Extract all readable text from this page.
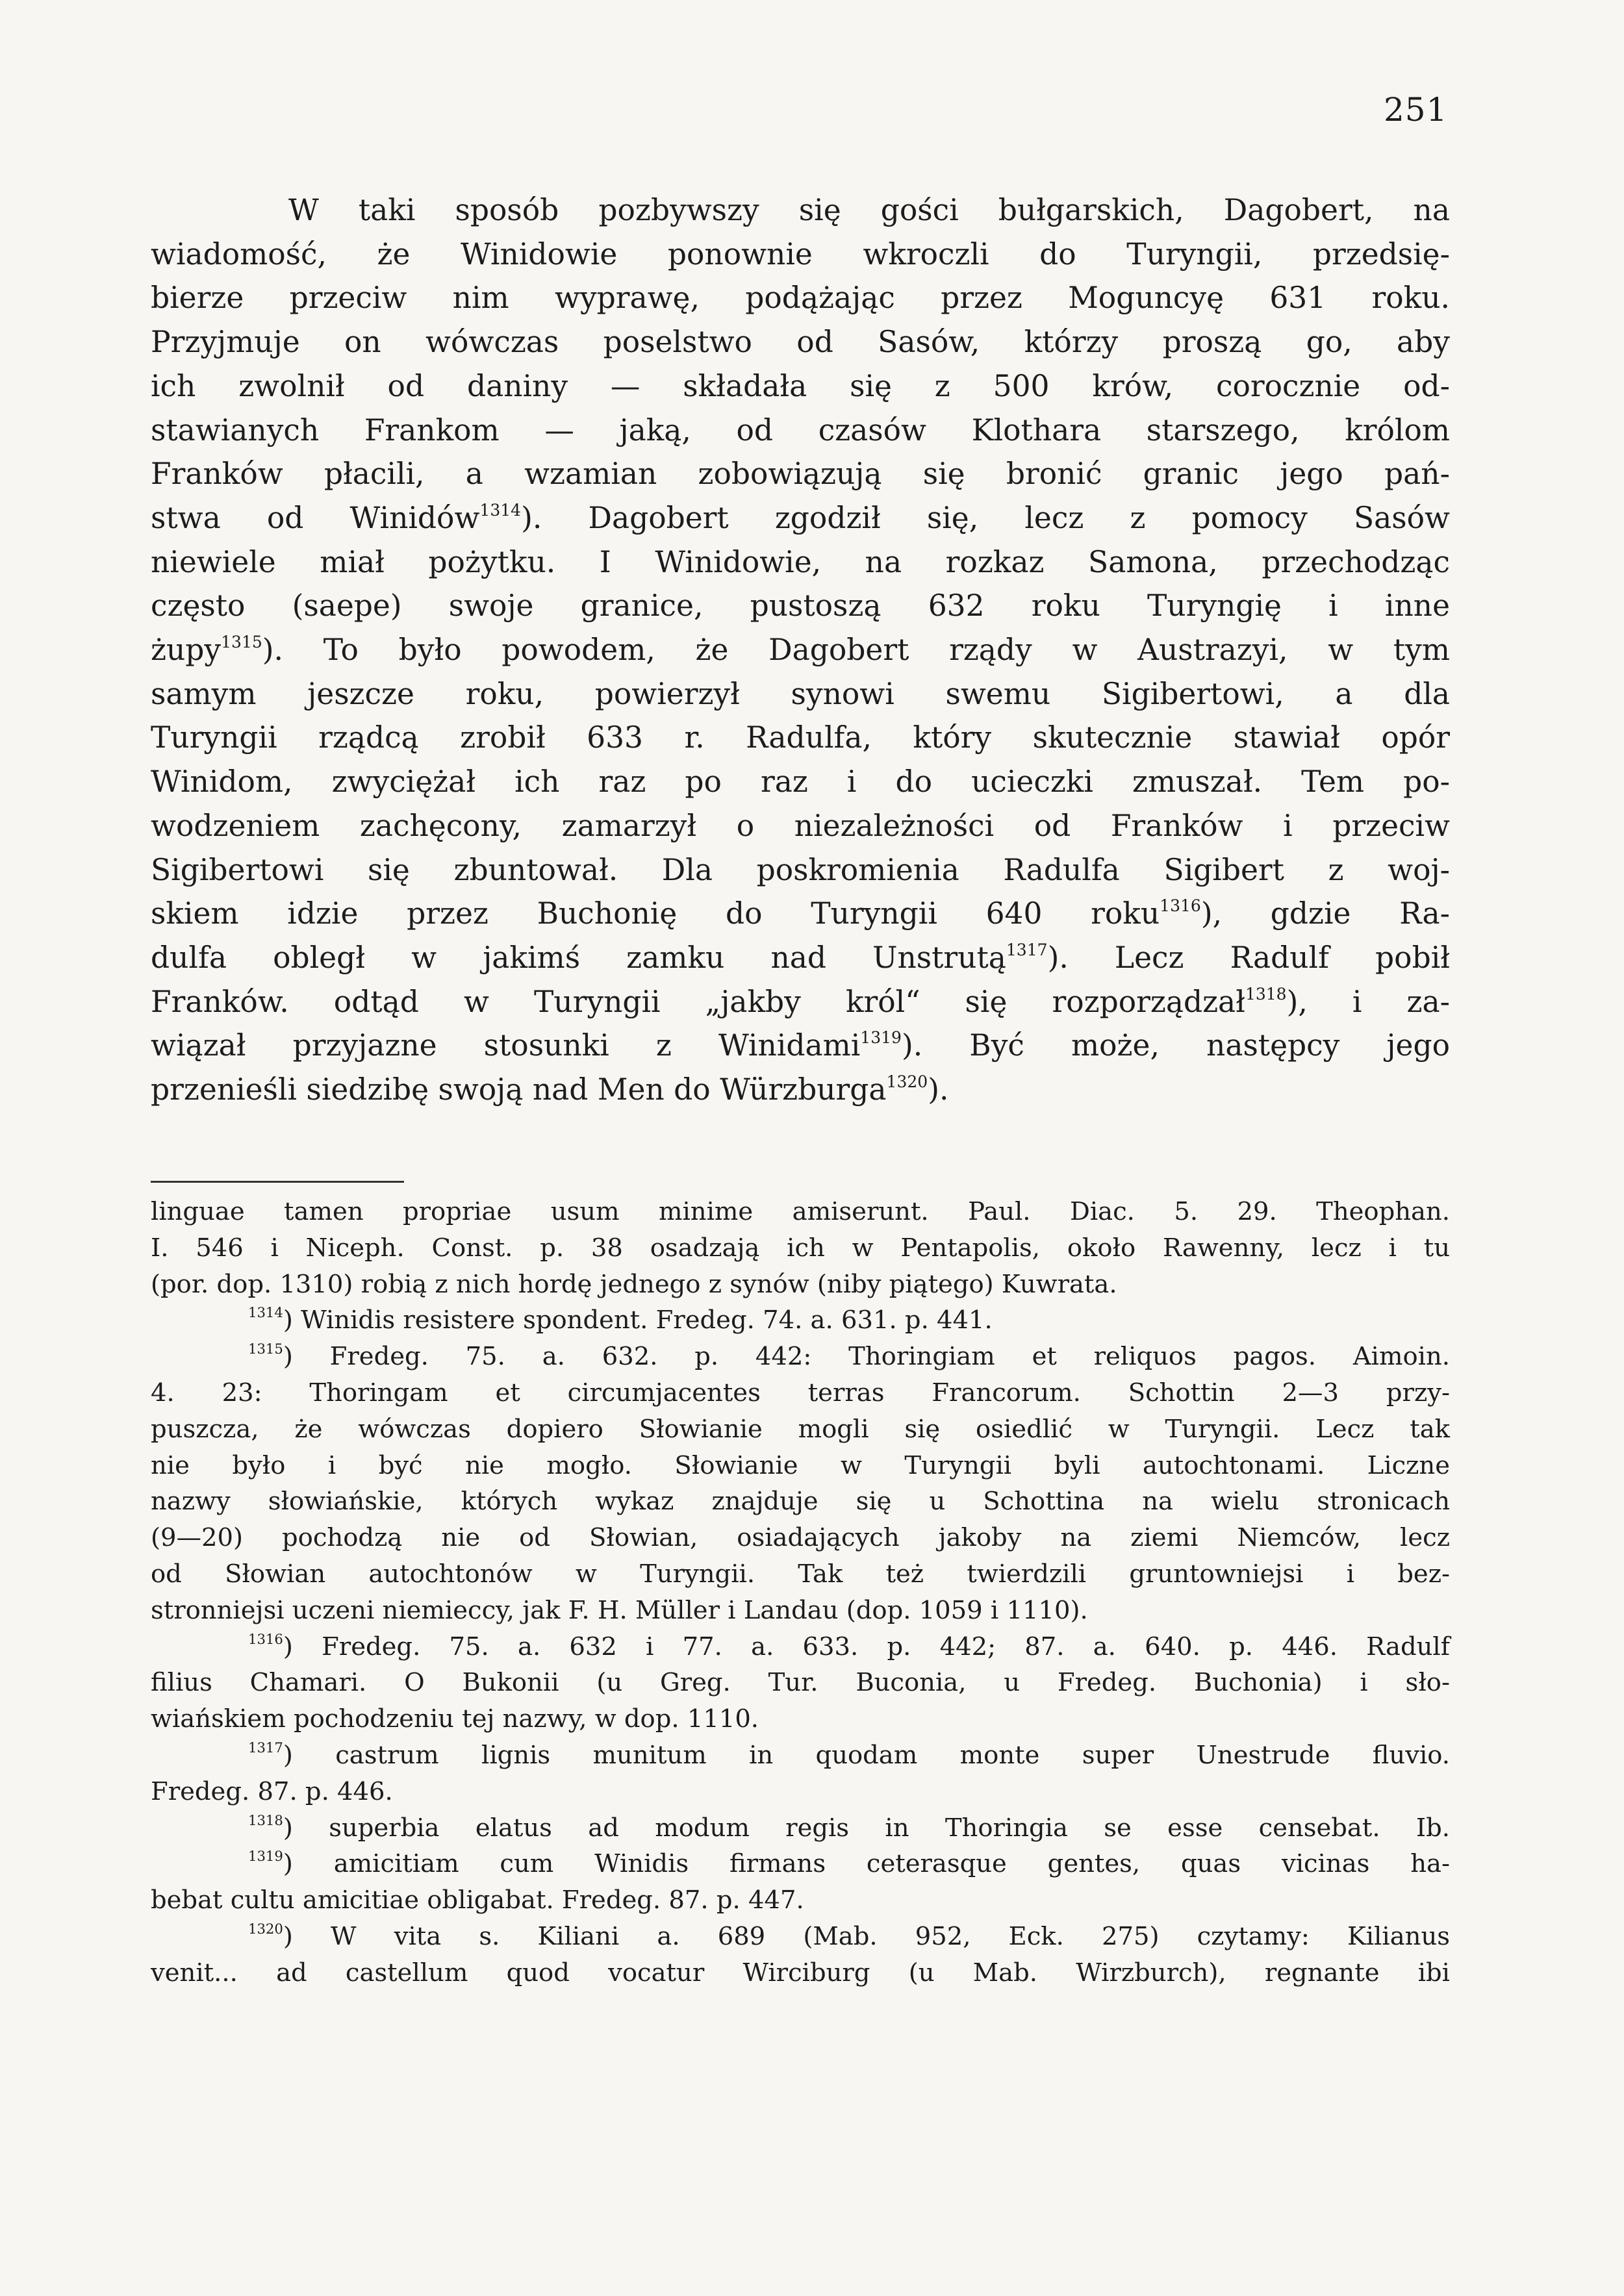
251
W taki sposób pozbywszy się gości bułgarskich, Dagobert, na
wiadomość, że Winidowie ponownie wkroczli do Turyngii, przedsię-
bierze przeciw nim wyprawę, podążając przez Moguncyę 631 roku.
Przyjmuje on wówczas poselstwo od Sasów, którzy proszą go, aby
ich zwolnił od daniny — składała się z 500 krów, corocznie od-
stawianych Frankom — jaką, od czasów Klothara starszego, królom
Franków płacili, a wzamian zobowiązują się bronić granic jego pań-
stwa od Winidów$^{1314}$). Dagobert zgodził się, lecz z pomocy Sasów
niewiele miał pożytku. I Winidowie, na rozkaz Samona, przechodząc
często (saepe) swoje granice, pustoszą 632 roku Turyngię i inne
żupy$^{1315}$). To było powodem, że Dagobert rządy w Austrazyi, w tym
samym jeszcze roku, powierzył synowi swemu Sigibertowi, a dla
Turyngii rządcą zrobił 633 r. Radulfa, który skutecznie stawiał opór
Winidom, zwyciężał ich raz po raz i do ucieczki zmuszał. Tem po-
wodzeniem zachęcony, zamarzył o niezależności od Franków i przeciw
Sigibertowi się zbuntował. Dla poskromienia Radulfa Sigibert z woj-
skiem idzie przez Buchonię do Turyngii 640 roku$^{1316}$), gdzie Ra-
dulfa obległ w jakimś zamku nad Unstrutą$^{1317}$). Lecz Radulf pobił
Franków. odtąd w Turyngii „jakby król“ się rozporządzał$^{1318}$), i za-
wiązał przyjazne stosunki z Winidami$^{1319}$). Być może, następcy jego
przenieśli siedzibę swoją nad Men do Würzburga$^{1320}$).
linguae tamen propriae usum minime amiserunt. Paul. Diac. 5. 29. Theophan.
I. 546 i Niceph. Const. p. 38 osadzają ich w Pentapolis, około Rawenny, lecz i tu
(por. dop. 1310) robią z nich hordę jednego z synów (niby piątego) Kuwrata.
$^{1314}$) Winidis resistere spondent. Fredeg. 74. a. 631. p. 441.
$^{1315}$) Fredeg. 75. a. 632. p. 442: Thoringiam et reliquos pagos. Aimoin.
4. 23: Thoringam et circumjacentes terras Francorum. Schottin 2—3 przy-
puszcza, że wówczas dopiero Słowianie mogli się osiedlić w Turyngii. Lecz tak
nie było i być nie mogło. Słowianie w Turyngii byli autochtonami. Liczne
nazwy słowiańskie, których wykaz znajduje się u Schottina na wielu stronicach
(9—20) pochodzą nie od Słowian, osiadających jakoby na ziemi Niemców, lecz
od Słowian autochtonów w Turyngii. Tak też twierdzili gruntowniejsi i bez-
stronniejsi uczeni niemieccy, jak F. H. Müller i Landau (dop. 1059 i 1110).
$^{1316}$) Fredeg. 75. a. 632 i 77. a. 633. p. 442; 87. a. 640. p. 446. Radulf
filius Chamari. O Bukonii (u Greg. Tur. Buconia, u Fredeg. Buchonia) i sło-
wiańskiem pochodzeniu tej nazwy, w dop. 1110.
$^{1317}$) castrum lignis munitum in quodam monte super Unestrude fluvio.
Fredeg. 87. p. 446.
$^{1318}$) superbia elatus ad modum regis in Thoringia se esse censebat. Ib.
$^{1319}$) amicitiam cum Winidis firmans ceterasque gentes, quas vicinas ha-
bebat cultu amicitiae obligabat. Fredeg. 87. p. 447.
$^{1320}$) W vita s. Kiliani a. 689 (Mab. 952, Eck. 275) czytamy: Kilianus
venit... ad castellum quod vocatur Wirciburg (u Mab. Wirzburch), regnante ibi
